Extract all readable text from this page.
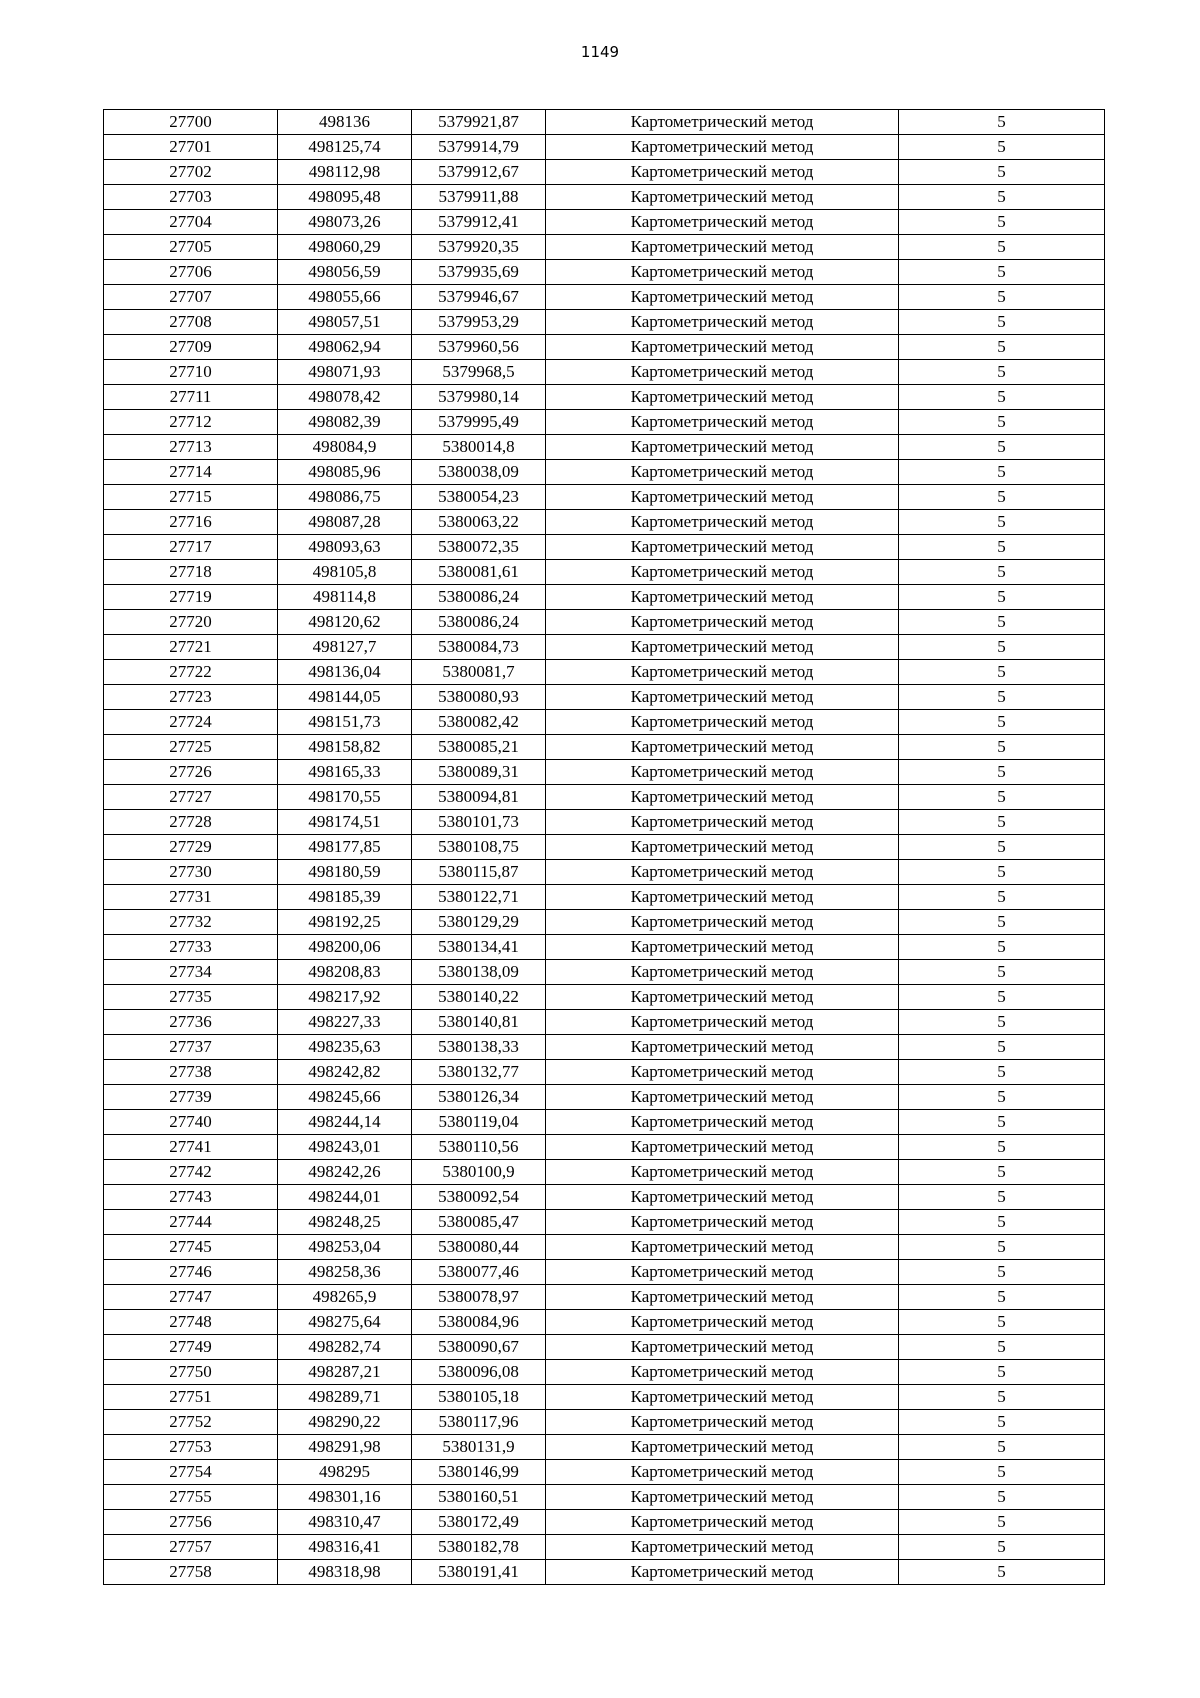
1149
27700	498136	5379921,87	Картометрический метод	5
27701	498125,74	5379914,79	Картометрический метод	5
27702	498112,98	5379912,67	Картометрический метод	5
27703	498095,48	5379911,88	Картометрический метод	5
27704	498073,26	5379912,41	Картометрический метод	5
27705	498060,29	5379920,35	Картометрический метод	5
27706	498056,59	5379935,69	Картометрический метод	5
27707	498055,66	5379946,67	Картометрический метод	5
27708	498057,51	5379953,29	Картометрический метод	5
27709	498062,94	5379960,56	Картометрический метод	5
27710	498071,93	5379968,5	Картометрический метод	5
27711	498078,42	5379980,14	Картометрический метод	5
27712	498082,39	5379995,49	Картометрический метод	5
27713	498084,9	5380014,8	Картометрический метод	5
27714	498085,96	5380038,09	Картометрический метод	5
27715	498086,75	5380054,23	Картометрический метод	5
27716	498087,28	5380063,22	Картометрический метод	5
27717	498093,63	5380072,35	Картометрический метод	5
27718	498105,8	5380081,61	Картометрический метод	5
27719	498114,8	5380086,24	Картометрический метод	5
27720	498120,62	5380086,24	Картометрический метод	5
27721	498127,7	5380084,73	Картометрический метод	5
27722	498136,04	5380081,7	Картометрический метод	5
27723	498144,05	5380080,93	Картометрический метод	5
27724	498151,73	5380082,42	Картометрический метод	5
27725	498158,82	5380085,21	Картометрический метод	5
27726	498165,33	5380089,31	Картометрический метод	5
27727	498170,55	5380094,81	Картометрический метод	5
27728	498174,51	5380101,73	Картометрический метод	5
27729	498177,85	5380108,75	Картометрический метод	5
27730	498180,59	5380115,87	Картометрический метод	5
27731	498185,39	5380122,71	Картометрический метод	5
27732	498192,25	5380129,29	Картометрический метод	5
27733	498200,06	5380134,41	Картометрический метод	5
27734	498208,83	5380138,09	Картометрический метод	5
27735	498217,92	5380140,22	Картометрический метод	5
27736	498227,33	5380140,81	Картометрический метод	5
27737	498235,63	5380138,33	Картометрический метод	5
27738	498242,82	5380132,77	Картометрический метод	5
27739	498245,66	5380126,34	Картометрический метод	5
27740	498244,14	5380119,04	Картометрический метод	5
27741	498243,01	5380110,56	Картометрический метод	5
27742	498242,26	5380100,9	Картометрический метод	5
27743	498244,01	5380092,54	Картометрический метод	5
27744	498248,25	5380085,47	Картометрический метод	5
27745	498253,04	5380080,44	Картометрический метод	5
27746	498258,36	5380077,46	Картометрический метод	5
27747	498265,9	5380078,97	Картометрический метод	5
27748	498275,64	5380084,96	Картометрический метод	5
27749	498282,74	5380090,67	Картометрический метод	5
27750	498287,21	5380096,08	Картометрический метод	5
27751	498289,71	5380105,18	Картометрический метод	5
27752	498290,22	5380117,96	Картометрический метод	5
27753	498291,98	5380131,9	Картометрический метод	5
27754	498295	5380146,99	Картометрический метод	5
27755	498301,16	5380160,51	Картометрический метод	5
27756	498310,47	5380172,49	Картометрический метод	5
27757	498316,41	5380182,78	Картометрический метод	5
27758	498318,98	5380191,41	Картометрический метод	5
